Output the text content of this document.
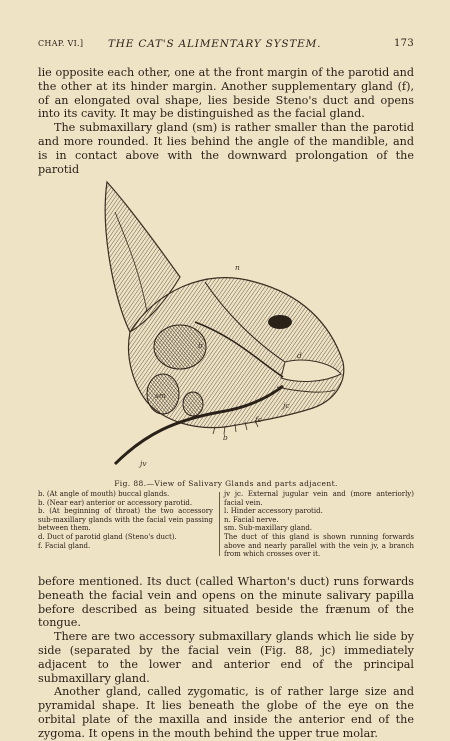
CHAP. VI.] THE CAT'S ALIMENTARY SYSTEM.	173

lie opposite each other, one at the front margin of the parotid and the other at its hinder margin. Another supplementary gland (f), of an elongated oval shape, lies beside Steno's duct and opens into its cavity. It may be distinguished as the facial gland.

The submaxillary gland (sm) is rather smaller than the parotid and more rounded. It lies behind the angle of the mandible, and is in contact above with the downward prolongation of the parotid

n
b
sm
b
fc
jv
jc
d
Fig. 88.—View of Salivary Glands and parts adjacent.

b. (At angle of mouth) buccal glands.

b. (Near ear) anterior or accessory parotid.

b. (At beginning of throat) the two accessory sub-maxillary glands with the facial vein passing between them.

d. Duct of parotid gland (Steno's duct).

f. Facial gland.

jv jc. External jugular vein and (more anteriorly) facial vein.

l. Hinder accessory parotid.

n. Facial nerve.

sm. Sub-maxillary gland.

The duct of this gland is shown running forwards above and nearly parallel with the vein jv, a branch from which crosses over it.

before mentioned. Its duct (called Wharton's duct) runs forwards beneath the facial vein and opens on the minute salivary papilla before described as being situated beside the frænum of the tongue.

There are two accessory submaxillary glands which lie side by side (separated by the facial vein (Fig. 88, jc) immediately adjacent to the lower and anterior end of the principal submaxillary gland.

Another gland, called zygomatic, is of rather large size and pyramidal shape. It lies beneath the globe of the eye on the orbital plate of the maxilla and inside the anterior end of the zygoma. It opens in the mouth behind the upper true molar.
